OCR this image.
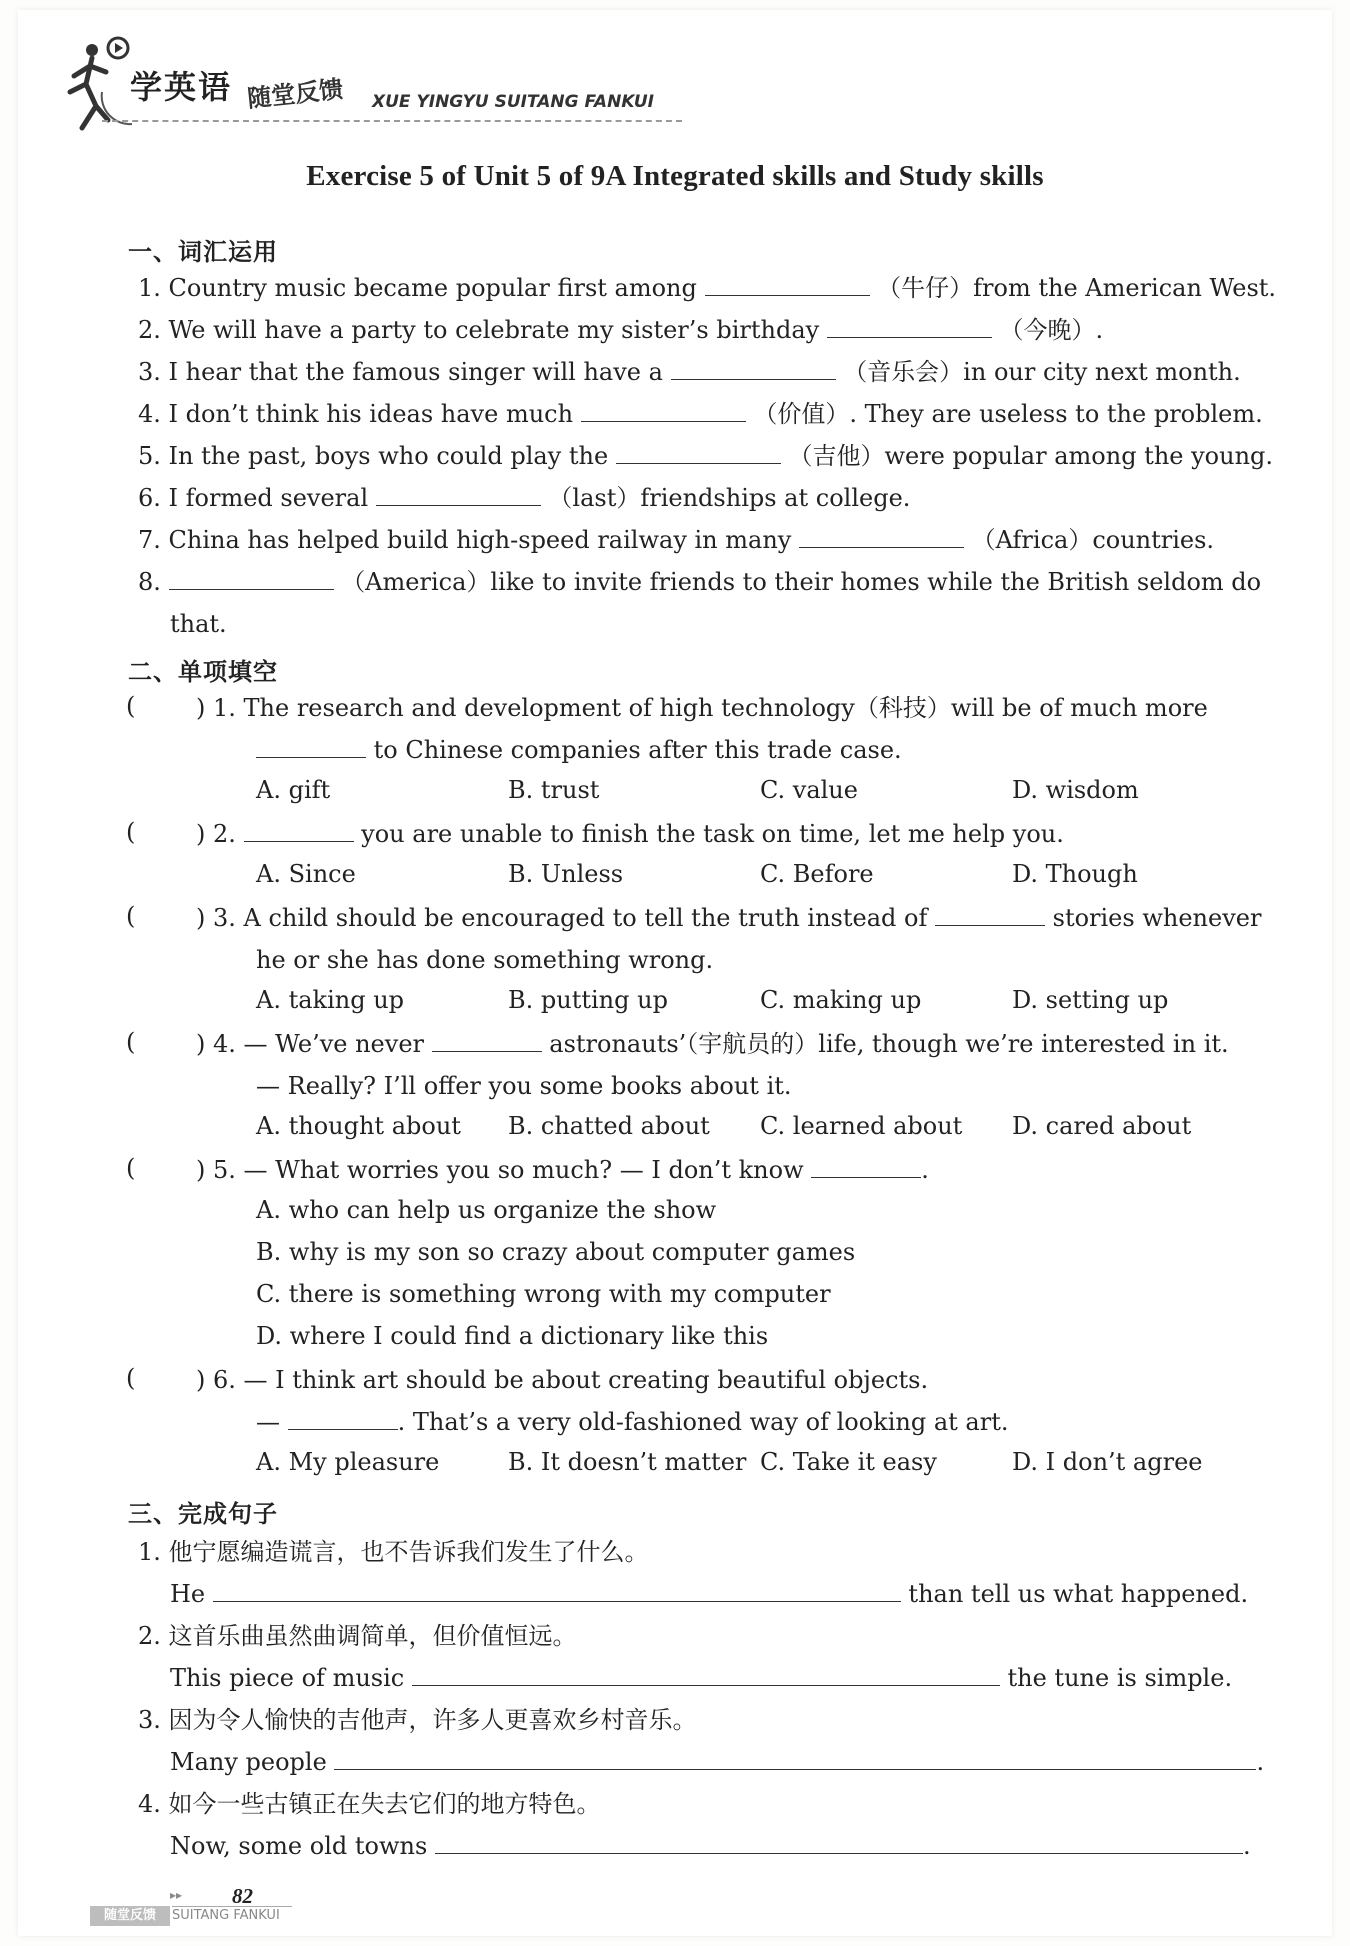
学英语 随堂反馈 XUE YINGYU SUITANG FANKUI
Exercise 5 of Unit 5 of 9A Integrated skills and Study skills
一、词汇运用
1. Country music became popular first among	（牛仔）from the American West.
2. We will have a party to celebrate my sister’s birthday	（今晚）.
3. I hear that the famous singer will have a	（音乐会）in our city next month.
4. I don’t think his ideas have much	（价值）. They are useless to the problem.
5. In the past, boys who could play the	（吉他）were popular among the young.
6. I formed several	（last）friendships at college.
7. China has helped build high-speed railway in many	（Africa）countries.
8.	（America）like to invite friends to their homes while the British seldom do
that.
二、单项填空
(	) 1. The research and development of high technology（科技）will be of much more
to Chinese companies after this trade case.
A. gift	B. trust	C. value	D. wisdom
(	) 2.	you are unable to finish the task on time, let me help you.
A. Since	B. Unless	C. Before	D. Though
(	) 3. A child should be encouraged to tell the truth instead of	stories whenever
he or she has done something wrong.
A. taking up	B. putting up	C. making up	D. setting up
(	) 4. — We’ve never	astronauts’（宇航员的）life, though we’re interested in it.
— Really? I’ll offer you some books about it.
A. thought about B. chatted about C. learned about D. cared about
(	) 5. — What worries you so much? — I don’t know	.
A. who can help us organize the show
B. why is my son so crazy about computer games
C. there is something wrong with my computer
D. where I could find a dictionary like this
(	) 6. — I think art should be about creating beautiful objects.
—	. That’s a very old-fashioned way of looking at art.
A. My pleasure	B. It doesn’t matter C. Take it easy	D. I don’t agree
三、完成句子
1. 他宁愿编造谎言，也不告诉我们发生了什么。
He	than tell us what happened.
2. 这首乐曲虽然曲调简单，但价值恒远。
This piece of music	the tune is simple.
3. 因为令人愉快的吉他声，许多人更喜欢乡村音乐。
Many people	.
4. 如今一些古镇正在失去它们的地方特色。
Now, some old towns	.
▸▸ 82
随堂反馈	SUITANG FANKUI
